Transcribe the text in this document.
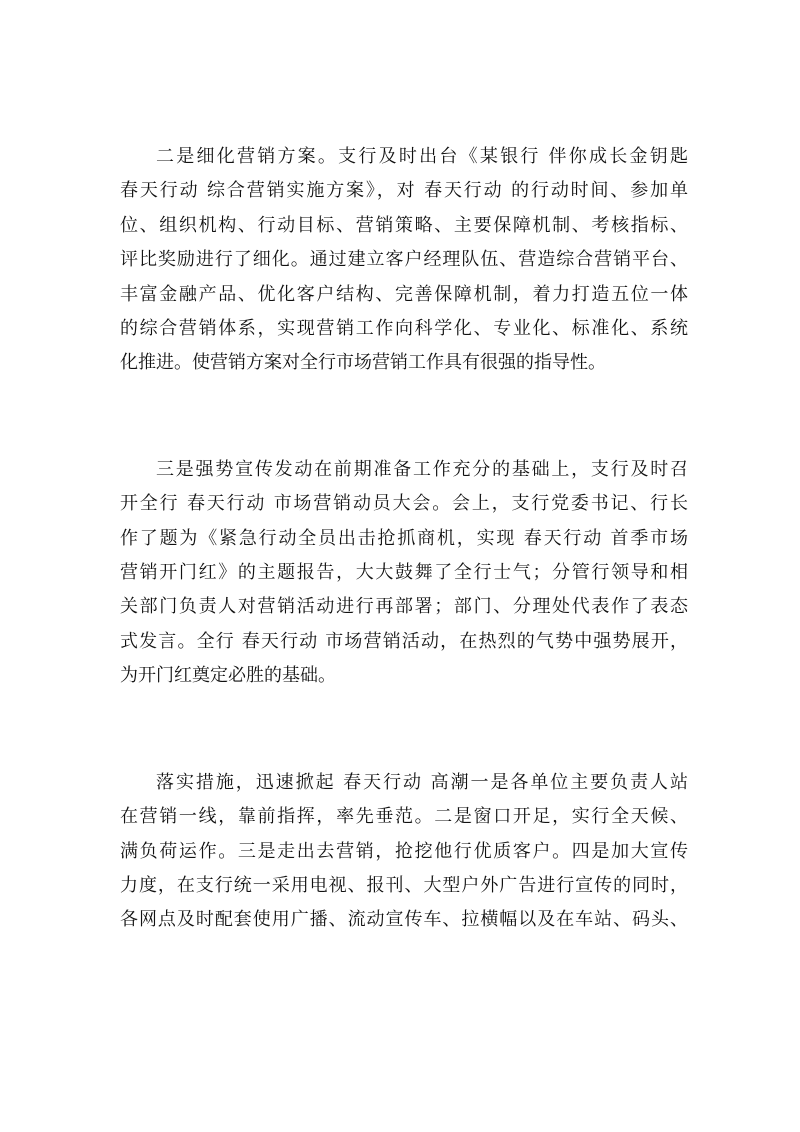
二是细化营销方案。支行及时出台《某银行 伴你成长金钥匙
春天行动 综合营销实施方案》，对 春天行动 的行动时间、参加单
位、组织机构、行动目标、营销策略、主要保障机制、考核指标、
评比奖励进行了细化。通过建立客户经理队伍、营造综合营销平台、
丰富金融产品、优化客户结构、完善保障机制，着力打造五位一体
的综合营销体系，实现营销工作向科学化、专业化、标准化、系统
化推进。使营销方案对全行市场营销工作具有很强的指导性。

三是强势宣传发动在前期准备工作充分的基础上，支行及时召
开全行 春天行动 市场营销动员大会。会上，支行党委书记、行长
作了题为《紧急行动全员出击抢抓商机，实现 春天行动 首季市场
营销开门红》的主题报告，大大鼓舞了全行士气；分管行领导和相
关部门负责人对营销活动进行再部署；部门、分理处代表作了表态
式发言。全行 春天行动 市场营销活动，在热烈的气势中强势展开，
为开门红奠定必胜的基础。

落实措施，迅速掀起 春天行动 高潮一是各单位主要负责人站
在营销一线，靠前指挥，率先垂范。二是窗口开足，实行全天候、
满负荷运作。三是走出去营销，抢挖他行优质客户。四是加大宣传
力度，在支行统一采用电视、报刊、大型户外广告进行宣传的同时，
各网点及时配套使用广播、流动宣传车、拉横幅以及在车站、码头、
